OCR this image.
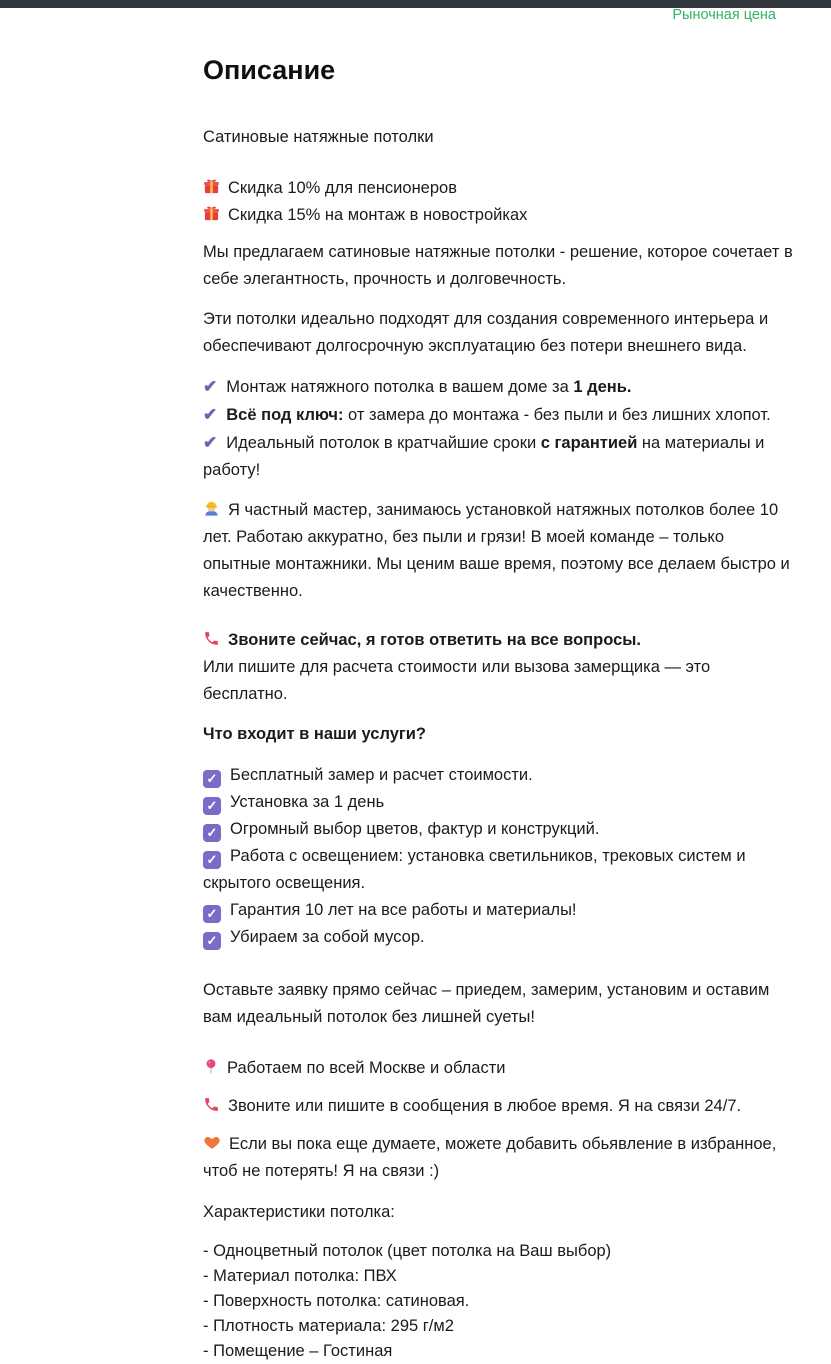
Рыночная цена
Описание

Сатиновые натяжные потолки

Скидка 10% для пенсионеров
Скидка 15% на монтаж в новостройках

Мы предлагаем сатиновые натяжные потолки - решение, которое сочетает в себе элегантность, прочность и долговечность.

Эти потолки идеально подходят для создания современного интерьера и обеспечивают долгосрочную эксплуатацию без потери внешнего вида.

✔ Монтаж натяжного потолка в вашем доме за 1 день.
✔ Всё под ключ: от замера до монтажа - без пыли и без лишних хлопот.
✔ Идеальный потолок в кратчайшие сроки с гарантией на материалы и работу!

Я частный мастер, занимаюсь установкой натяжных потолков более 10 лет. Работаю аккуратно, без пыли и грязи! В моей команде – только опытные монтажники. Мы ценим ваше время, поэтому все делаем быстро и качественно.

Звоните сейчас, я готов ответить на все вопросы.
Или пишите для расчета стоимости или вызова замерщика — это бесплатно.

Что входит в наши услуги?

✓Бесплатный замер и расчет стоимости.
✓Установка за 1 день
✓Огромный выбор цветов, фактур и конструкций.
✓Работа с освещением: установка светильников, трековых систем и скрытого освещения.
✓Гарантия 10 лет на все работы и материалы!
✓Убираем за собой мусор.

Оставьте заявку прямо сейчас – приедем, замерим, установим и оставим вам идеальный потолок без лишней суеты!

Работаем по всей Москве и области

Звоните или пишите в сообщения в любое время. Я на связи 24/7.

Если вы пока еще думаете, можете добавить обьявление в избранное, чтоб не потерять! Я на связи :)

Характеристики потолка:

- Одноцветный потолок (цвет потолка на Ваш выбор)
- Материал потолка: ПВХ
- Поверхность потолка: сатиновая.
- Плотность материала: 295 г/м2
- Помещение – Гостиная
